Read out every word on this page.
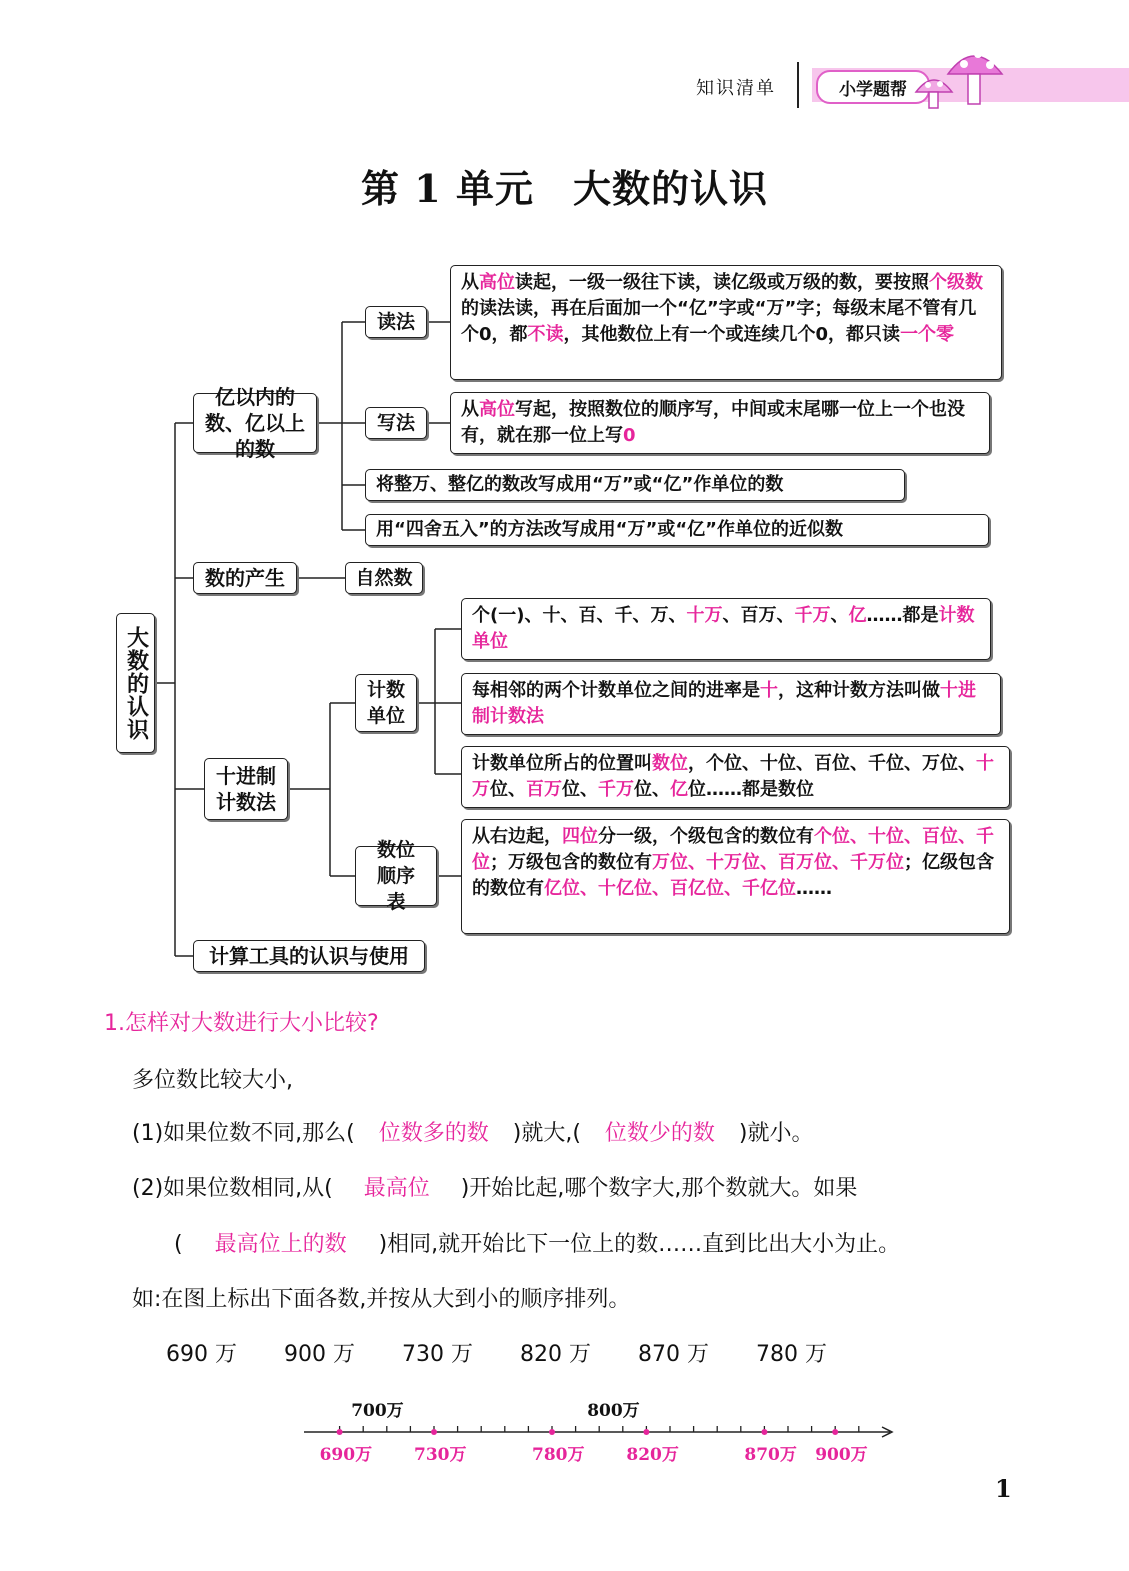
知识清单	小学题帮
第 1 单元　大数的认识
大数的认识
亿以内的数、亿以上的数
数的产生
十进制计数法
计算工具的认识与使用
读法
写法
将整万、整亿的数改写成用“万”或“亿”作单位的数
用“四舍五入”的方法改写成用“万”或“亿”作单位的近似数
自然数
计数单位
数位顺序表
从高位读起，一级一级往下读，读亿级或万级的数，要按照个级数的读法读，再在后面加一个“亿”字或“万”字；每级末尾不管有几个0，都不读，其他数位上有一个或连续几个0，都只读一个零
从高位写起，按照数位的顺序写，中间或末尾哪一位上一个也没有，就在那一位上写0
个(一)、十、百、千、万、十万、百万、千万、亿……都是计数单位
每相邻的两个计数单位之间的进率是十，这种计数方法叫做十进制计数法
计数单位所占的位置叫数位，个位、十位、百位、千位、万位、十万位、百万位、千万位、亿位……都是数位
从右边起，四位分一级，个级包含的数位有个位、十位、百位、千位；万级包含的数位有万位、十万位、百万位、千万位；亿级包含的数位有亿位、十亿位、百亿位、千亿位……
1.怎样对大数进行大小比较?
多位数比较大小,
(1)如果位数不同,那么( 位数多的数 )就大,( 位数少的数 )就小。
(2)如果位数相同,从( 最高位 )开始比起,哪个数字大,那个数就大。如果
( 最高位上的数 )相同,就开始比下一位上的数……直到比出大小为止。
如:在图上标出下面各数,并按从大到小的顺序排列。
690 万 900 万 730 万 820 万 870 万 780 万
700万	800万
690万 730万	780万 820万	870万 900万
1
